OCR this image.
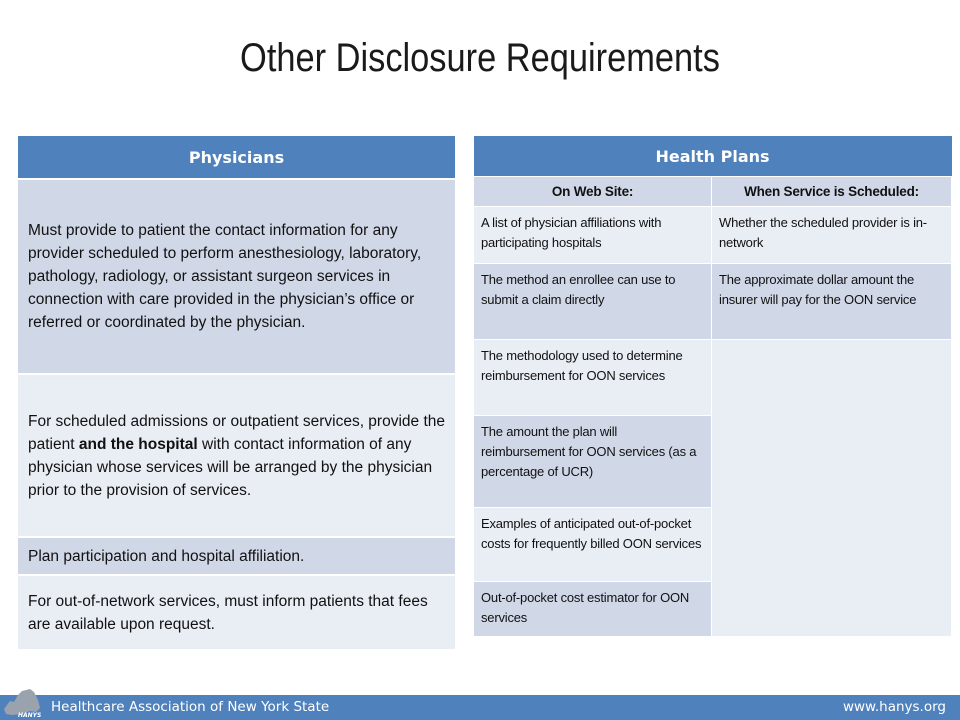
Other Disclosure Requirements
Physicians
Must provide to patient the contact information for any provider scheduled to perform anesthesiology, laboratory, pathology, radiology, or assistant surgeon services in connection with care provided in the physician’s office or referred or coordinated by the physician.
For scheduled admissions or outpatient services, provide the patient and the hospital with contact information of any physician whose services will be arranged by the physician prior to the provision of services.
Plan participation and hospital affiliation.
For out-of-network services, must inform patients that fees are available upon request.
Health Plans	
On Web Site:	When Service is Scheduled:
A list of physician affiliations with participating hospitals	Whether the scheduled provider is in-network
The method an enrollee can use to submit a claim directly	The approximate dollar amount the insurer will pay for the OON service
The methodology used to determine reimbursement for OON services	
The amount the plan will reimbursement for OON services (as a percentage of UCR)	
Examples of anticipated out-of-pocket costs for frequently billed OON services	
Out-of-pocket cost estimator for OON services	
Healthcare Association of New York State	www.hanys.org
HANYS
